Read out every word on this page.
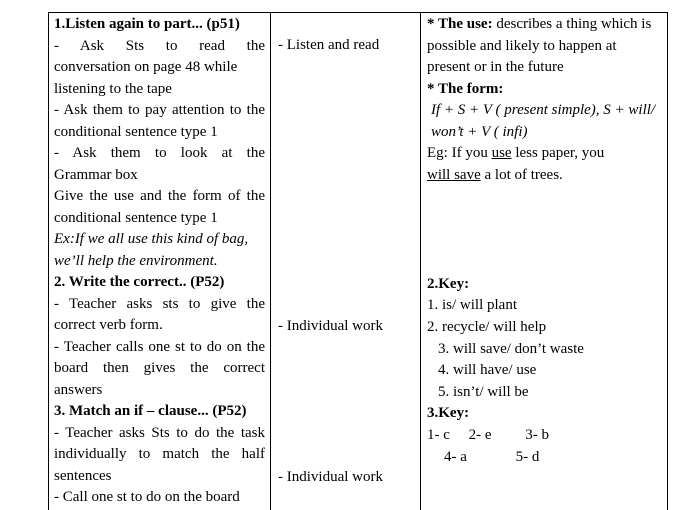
1.Listen again to part... (p51)

- Ask Sts to read the

conversation on page 48 while listening to the tape

- Ask them to pay attention to the conditional sentence type 1

- Ask them to look at the

Grammar box

Give the use and the form of the conditional sentence type 1

Ex:If we all use this kind of bag, we’ll help the environment.

2. Write the correct.. (P52)

- Teacher asks sts to give the correct verb form.

- Teacher calls one st to do on the board then gives the correct answers

3. Match an if – clause... (P52)

- Teacher asks Sts to do the task individually to match the half sentences

- Call one st to do on the board

- Listen and read
- Individual work
- Individual work

* The use: describes a thing which is possible and likely to happen at present or in the future

* The form:

If + S + V ( present simple), S + will/ won’t + V ( infi)

Eg: If you use less paper, you

will save a lot of trees.

2.Key:
1. is/ will plant
2. recycle/ will help
3. will save/ don’t waste
4. will have/ use
5. isn’t/ will be
3.Key:
1- c     2- e         3- b
4- a             5- d
